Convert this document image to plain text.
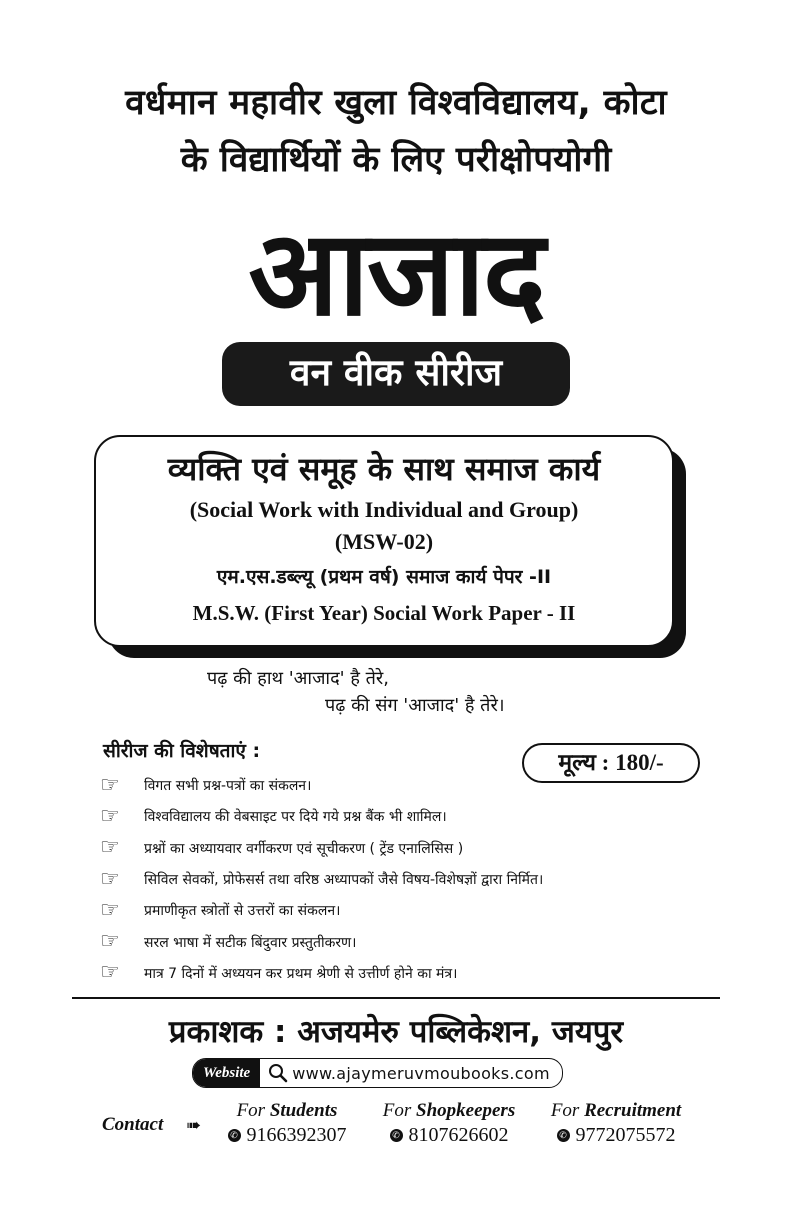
वर्धमान महावीर खुला विश्वविद्यालय, कोटा
के विद्यार्थियों के लिए परीक्षोपयोगी
आजाद
वन वीक सीरीज
व्यक्ति एवं समूह के साथ समाज कार्य
(Social Work with Individual and Group)
(MSW-02)
एम.एस.डब्ल्यू (प्रथम वर्ष) समाज कार्य पेपर -II
M.S.W. (First Year) Social Work Paper - II
पढ़ की हाथ 'आजाद' है तेरे,
पढ़ की संग 'आजाद' है तेरे।
सीरीज की विशेषताएं :	मूल्य : 180/-
☞	विगत सभी प्रश्न-पत्रों का संकलन।
☞	विश्वविद्यालय की वेबसाइट पर दिये गये प्रश्न बैंक भी शामिल।
☞	प्रश्नों का अध्यायवार वर्गीकरण एवं सूचीकरण ( ट्रेंड एनालिसिस )
☞	सिविल सेवकों, प्रोफेसर्स तथा वरिष्ठ अध्यापकों जैसे विषय-विशेषज्ञों द्वारा निर्मित।
☞	प्रमाणीकृत स्त्रोतों से उत्तरों का संकलन।
☞	सरल भाषा में सटीक बिंदुवार प्रस्तुतीकरण।
☞	मात्र 7 दिनों में अध्ययन कर प्रथम श्रेणी से उत्तीर्ण होने का मंत्र।
प्रकाशक : अजयमेरु पब्लिकेशन, जयपुर
Website	www.ajaymeruvmoubooks.com
Contact ➠
For Students
✆ 9166392307
For Shopkeepers
✆ 8107626602
For Recruitment
✆ 9772075572
